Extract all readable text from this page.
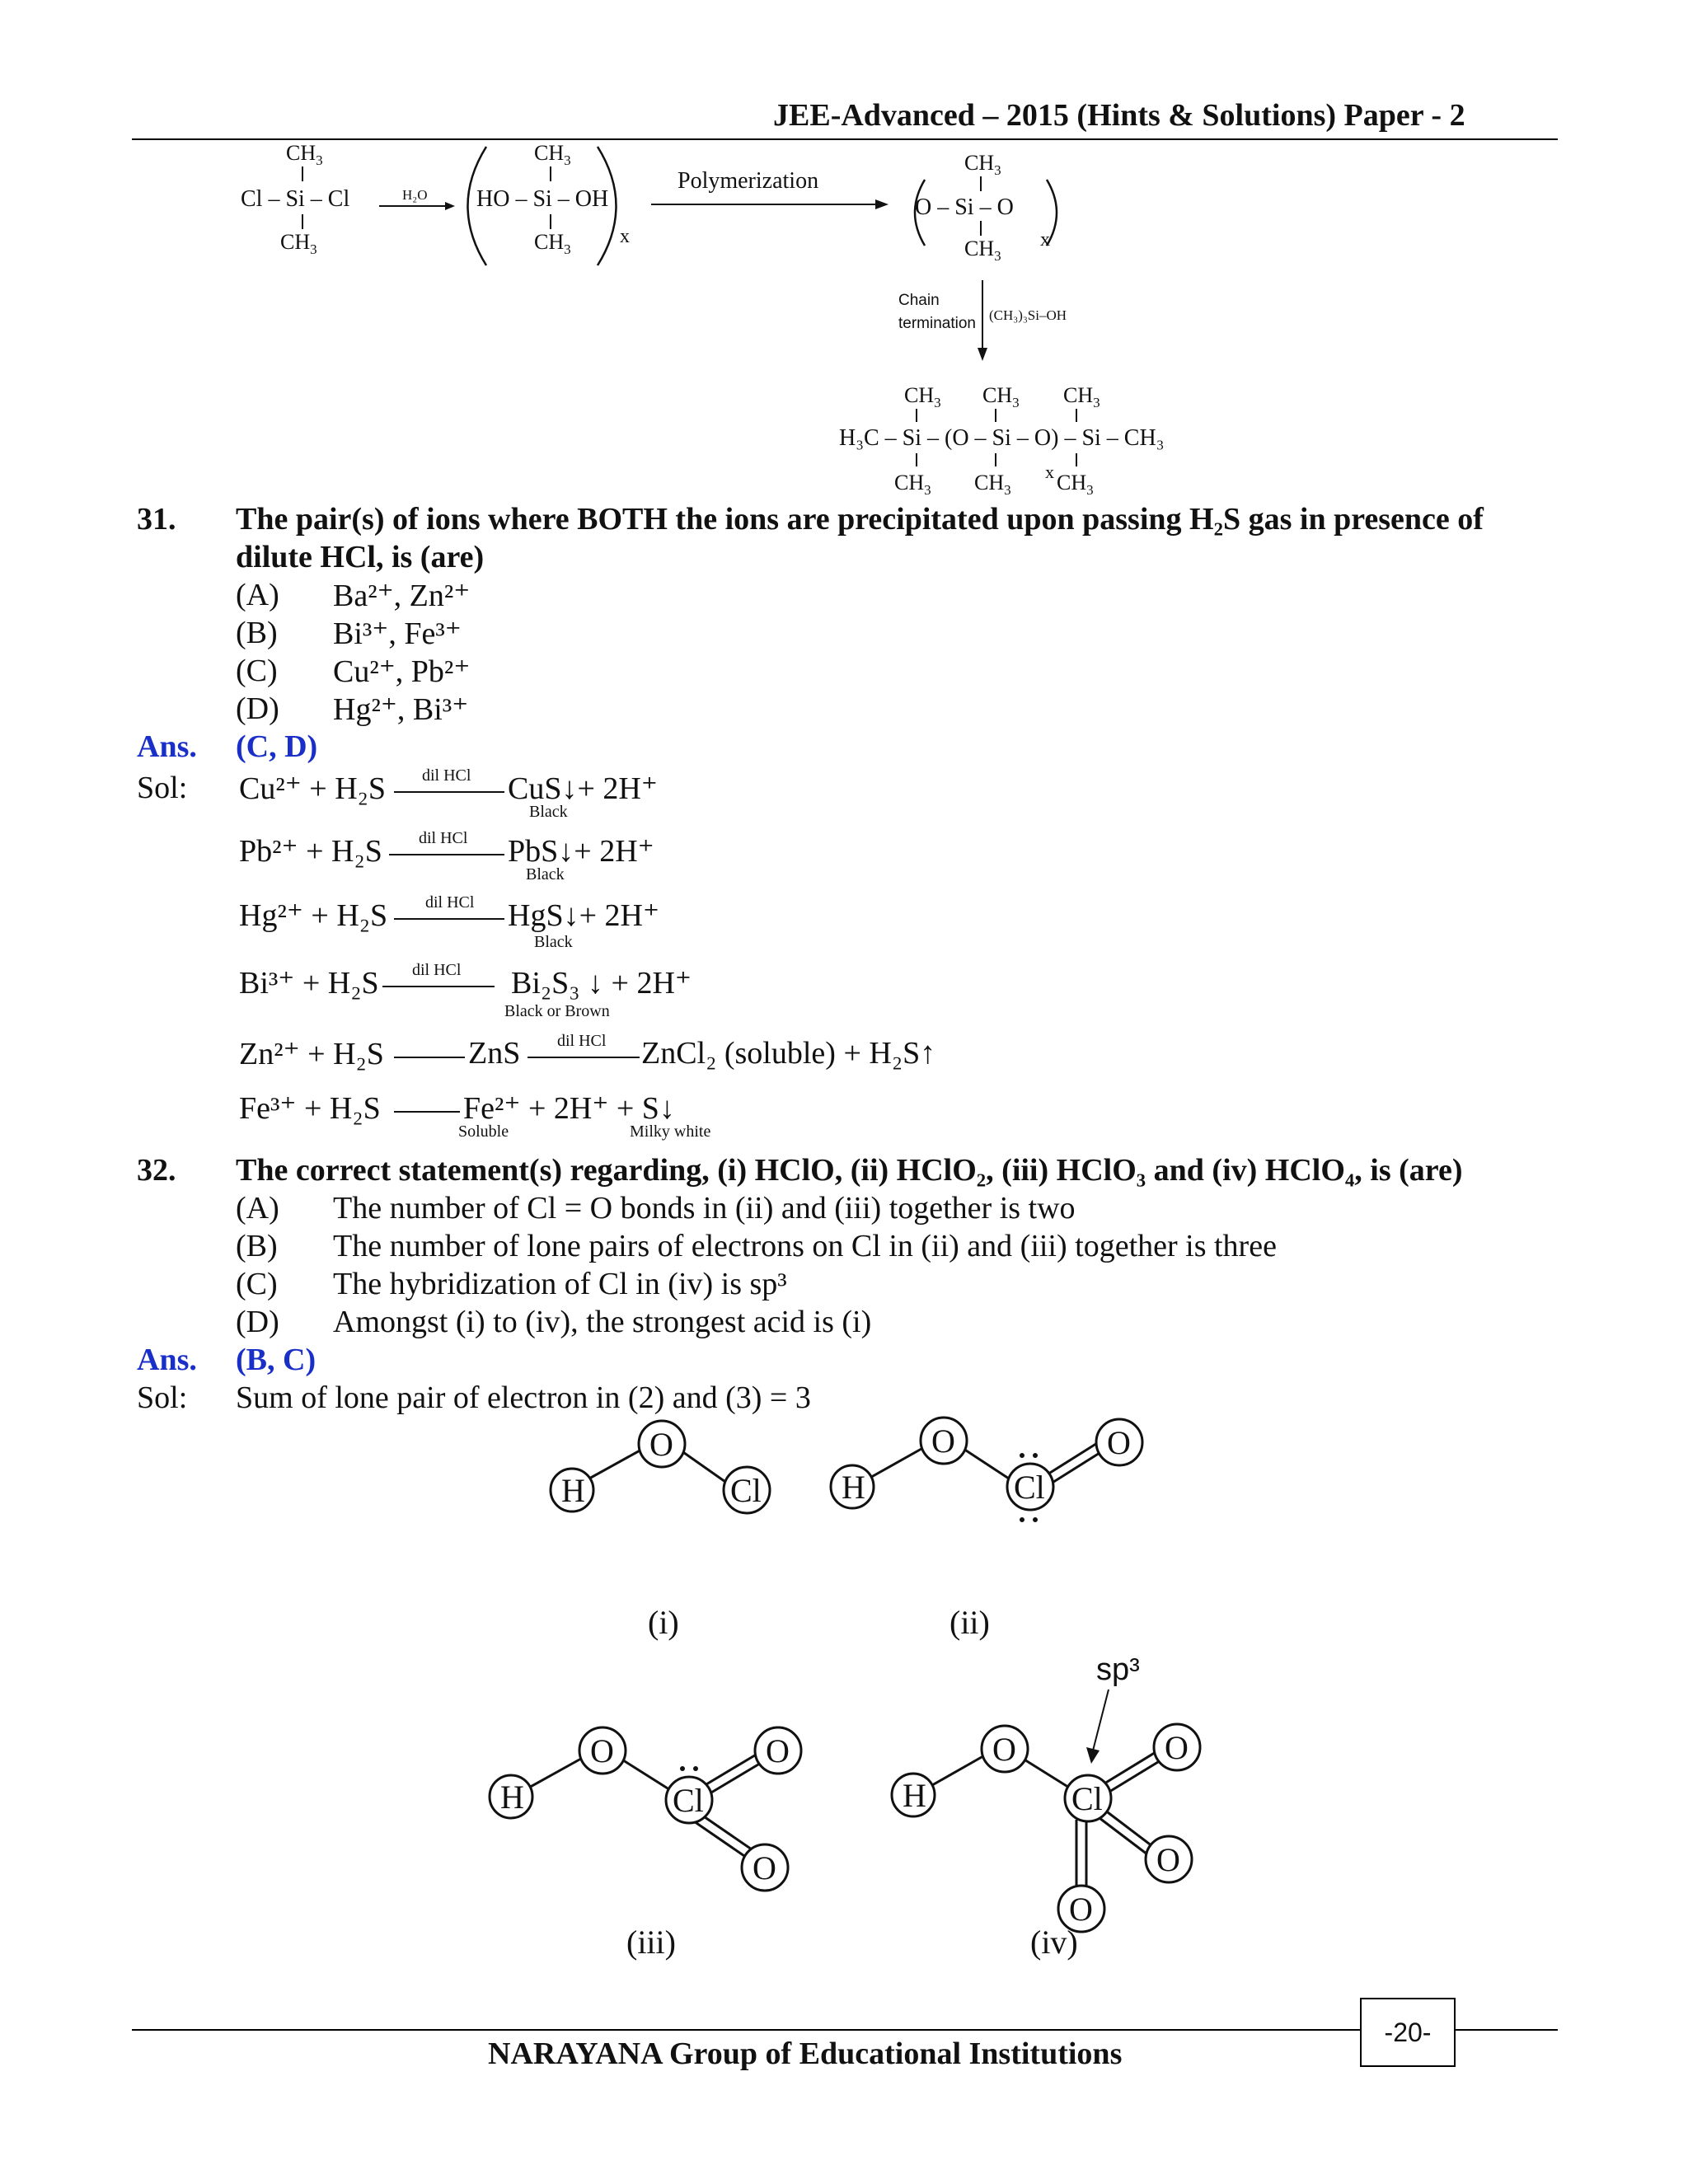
JEE-Advanced – 2015 (Hints & Solutions) Paper - 2
$CH_3$
Cl – Si – Cl
$CH_3$
H₂O
$CH_3$
HO – Si – OH
$CH_3$
x
Polymerization
$CH_3$
O – Si – O
$CH_3$
x
Chain
termination (CH₃)₃Si–OH
$CH_3$ $CH_3$ $CH_3$
H₃C – Si – (O – Si – O) – Si – CH₃
$CH_3$ $CH_3$ $CH_3$
x
31. The pair(s) of ions where BOTH the ions are precipitated upon passing H₂S gas in presence of
dilute HCl, is (are)
(A) Ba²⁺, Zn²⁺
(B) Bi³⁺, Fe³⁺
(C) Cu²⁺, Pb²⁺
(D) Hg²⁺, Bi³⁺
Ans. (C, D)
Sol: Cu²⁺ + H₂S dil HCl CuS↓+ 2H⁺
Black
Pb²⁺ + H₂S dil HCl PbS↓+ 2H⁺
Black
Hg²⁺ + H₂S dil HCl HgS↓+ 2H⁺
Black
Bi³⁺ + H₂S dil HCl Bi₂S₃ ↓ + 2H⁺
Black or Brown
Zn²⁺ + H₂S	ZnS dil HCl ZnCl₂ (soluble) + H₂S↑
Fe³⁺ + H₂S	Fe²⁺ + 2H⁺ + S↓
Soluble	Milky white
32. The correct statement(s) regarding, (i) HClO, (ii) HClO₂, (iii) HClO₃ and (iv) HClO₄, is (are)
(A) The number of Cl = O bonds in (ii) and (iii) together is two
(B) The number of lone pairs of electrons on Cl in (ii) and (iii) together is three
(C) The hybridization of Cl in (iv) is sp³
(D) Amongst (i) to (iv), the strongest acid is (i)
Ans. (B, C)
Sol: Sum of lone pair of electron in (2) and (3) = 3
H
O
Cl H
O
Cl
O
(i)	(ii)
H
O
Cl
O
O
(iii)
H
O
Cl
O
O
O
sp³
(iv)
-20-
NARAYANA Group of Educational Institutions
